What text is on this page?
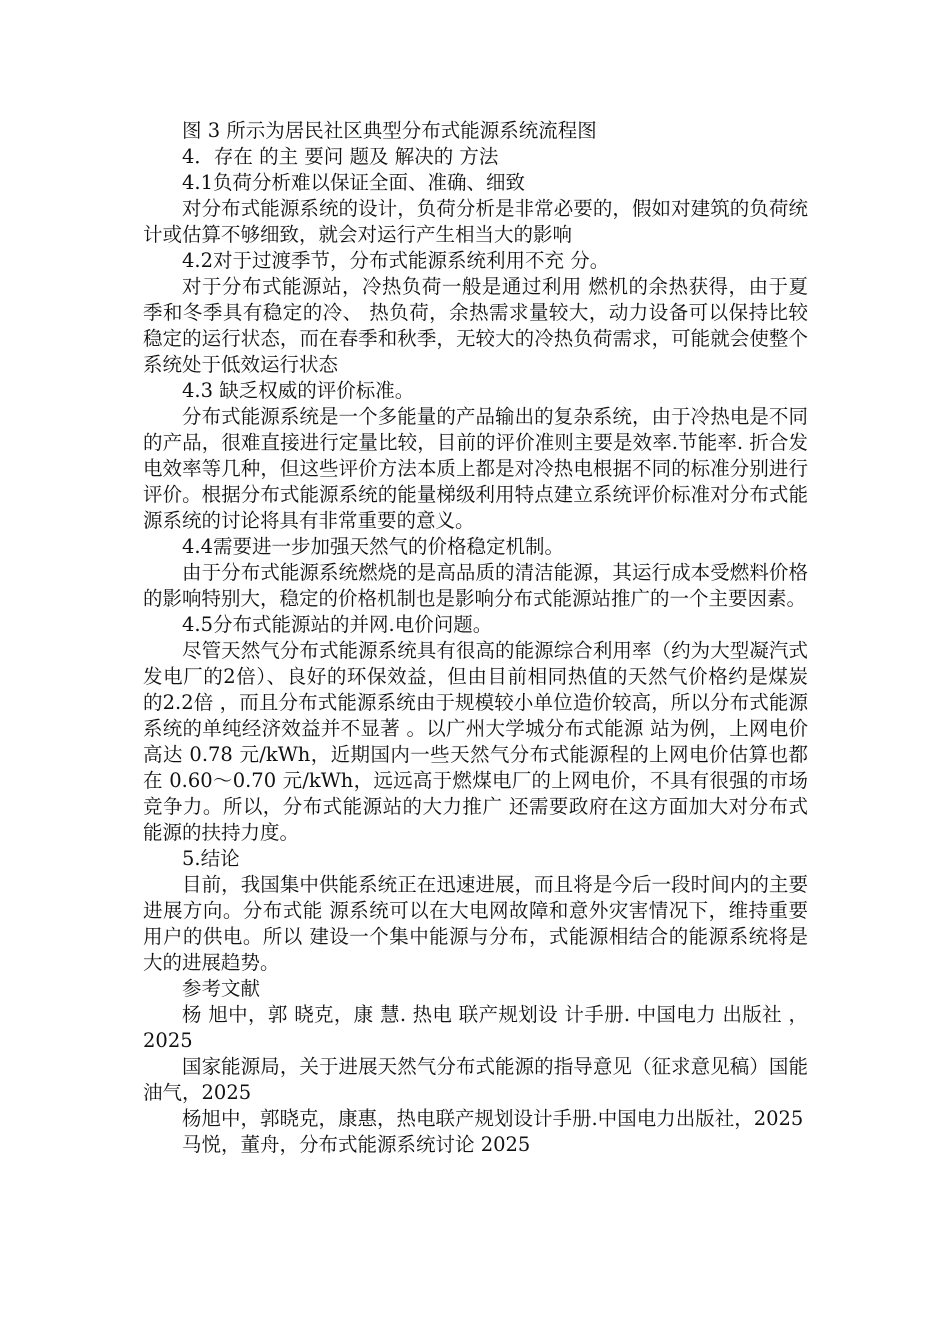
图 3 所示为居民社区典型分布式能源系统流程图

4．存在 的主 要问 题及 解决的 方法

4.1负荷分析难以保证全面、准确、细致

对分布式能源系统的设计，负荷分析是非常必要的，假如对建筑的负荷统计或估算不够细致，就会对运行产生相当大的影响

4.2对于过渡季节，分布式能源系统利用不充 分。

对于分布式能源站，冷热负荷一般是通过利用 燃机的余热获得，由于夏季和冬季具有稳定的冷、 热负荷，余热需求量较大，动力设备可以保持比较 稳定的运行状态，而在春季和秋季，无较大的冷热负荷需求，可能就会使整个系统处于低效运行状态

4.3 缺乏权威的评价标准。

分布式能源系统是一个多能量的产品输出的复杂系统，由于冷热电是不同的产品，很难直接进行定量比较，目前的评价准则主要是效率.节能率. 折合发电效率等几种，但这些评价方法本质上都是对冷热电根据不同的标准分别进行评价。根据分布式能源系统的能量梯级利用特点建立系统评价标准对分布式能源系统的讨论将具有非常重要的意义。

4.4需要进一步加强天然气的价格稳定机制。

由于分布式能源系统燃烧的是高品质的清洁能源，其运行成本受燃料价格的影响特别大，稳定的价格机制也是影响分布式能源站推广的一个主要因素。

4.5分布式能源站的并网.电价问题。

尽管天然气分布式能源系统具有很高的能源综合利用率（约为大型凝汽式发电厂的2倍）、良好的环保效益，但由目前相同热值的天然气价格约是煤炭的2.2倍 ，而且分布式能源系统由于规模较小单位造价较高，所以分布式能源系统的单纯经济效益并不显著 。以广州大学城分布式能源 站为例，上网电价高达 0.78 元/kWh，近期国内一些天然气分布式能源程的上网电价估算也都在 0.60～0.70 元/kWh，远远高于燃煤电厂的上网电价，不具有很强的市场竞争力。所以，分布式能源站的大力推广 还需要政府在这方面加大对分布式能源的扶持力度。

5.结论

目前，我国集中供能系统正在迅速进展，而且将是今后一段时间内的主要进展方向。分布式能 源系统可以在大电网故障和意外灾害情况下，维持重要用户的供电。所以 建设一个集中能源与分布，式能源相结合的能源系统将是大的进展趋势。

参考文献

杨 旭中，郭 晓克，康 慧. 热电 联产规划设 计手册. 中国电力 出版社 ，2025

国家能源局，关于进展天然气分布式能源的指导意见（征求意见稿）国能油气，2025

杨旭中，郭晓克，康惠，热电联产规划设计手册.中国电力出版社，2025

马悦，董舟，分布式能源系统讨论 2025
